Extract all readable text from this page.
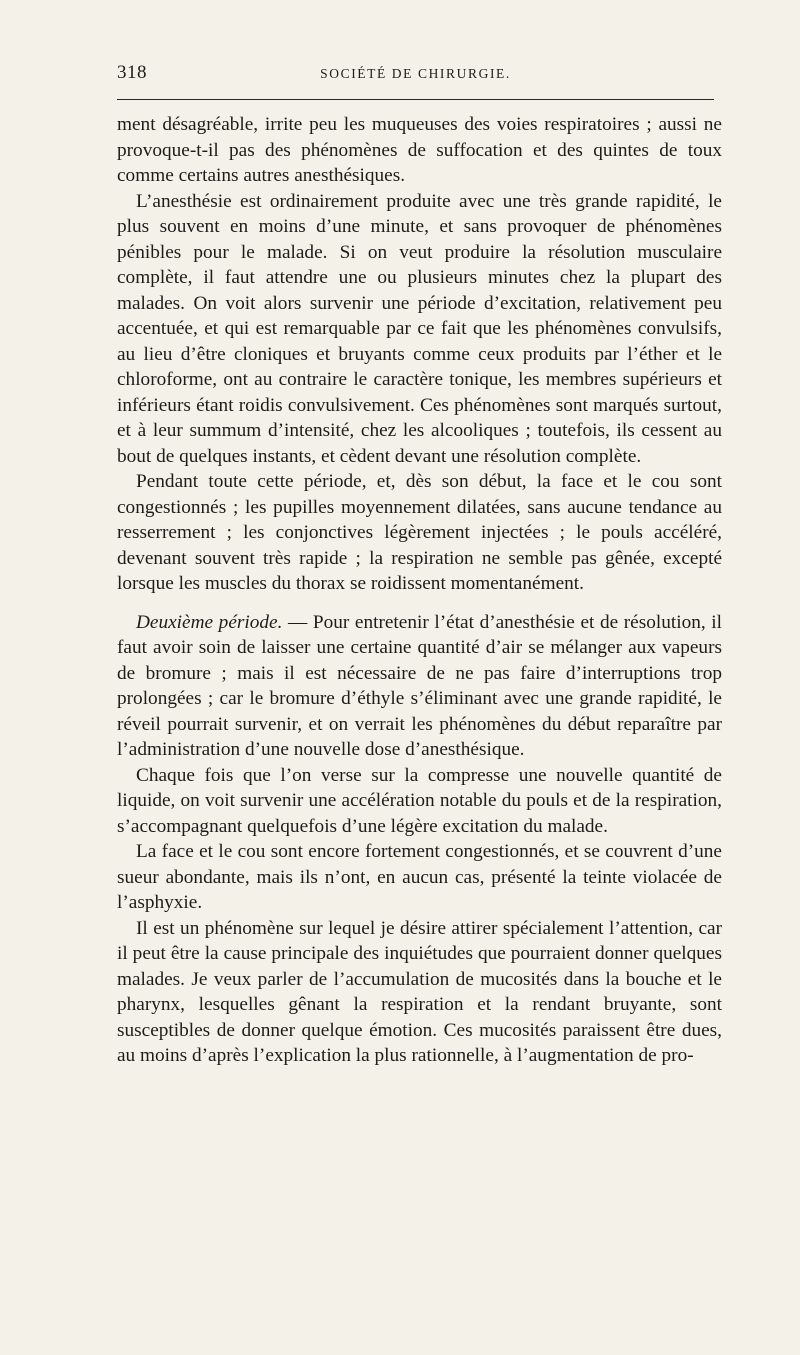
318	SOCIÉTÉ DE CHIRURGIE.

ment désagréable, irrite peu les muqueuses des voies respiratoires ; aussi ne provoque-t-il pas des phénomènes de suffocation et des quintes de toux comme certains autres anesthésiques.

L’anesthésie est ordinairement produite avec une très grande rapidité, le plus souvent en moins d’une minute, et sans provoquer de phénomènes pénibles pour le malade. Si on veut produire la résolution musculaire complète, il faut attendre une ou plusieurs minutes chez la plupart des malades. On voit alors survenir une période d’excitation, relativement peu accentuée, et qui est remarquable par ce fait que les phénomènes convulsifs, au lieu d’être cloniques et bruyants comme ceux produits par l’éther et le chloroforme, ont au contraire le caractère tonique, les membres supérieurs et inférieurs étant roidis convulsivement. Ces phénomènes sont marqués surtout, et à leur summum d’intensité, chez les alcooliques ; toutefois, ils cessent au bout de quelques instants, et cèdent devant une résolution complète.

Pendant toute cette période, et, dès son début, la face et le cou sont congestionnés ; les pupilles moyennement dilatées, sans aucune tendance au resserrement ; les conjonctives légèrement injectées ; le pouls accéléré, devenant souvent très rapide ; la respiration ne semble pas gênée, excepté lorsque les muscles du thorax se roidissent momentanément.

Deuxième période. — Pour entretenir l’état d’anesthésie et de résolution, il faut avoir soin de laisser une certaine quantité d’air se mélanger aux vapeurs de bromure ; mais il est nécessaire de ne pas faire d’interruptions trop prolongées ; car le bromure d’éthyle s’éliminant avec une grande rapidité, le réveil pourrait survenir, et on verrait les phénomènes du début reparaître par l’administration d’une nouvelle dose d’anesthésique.

Chaque fois que l’on verse sur la compresse une nouvelle quantité de liquide, on voit survenir une accélération notable du pouls et de la respiration, s’accompagnant quelquefois d’une légère excitation du malade.

La face et le cou sont encore fortement congestionnés, et se couvrent d’une sueur abondante, mais ils n’ont, en aucun cas, présenté la teinte violacée de l’asphyxie.

Il est un phénomène sur lequel je désire attirer spécialement l’attention, car il peut être la cause principale des inquiétudes que pourraient donner quelques malades. Je veux parler de l’accumulation de mucosités dans la bouche et le pharynx, lesquelles gênant la respiration et la rendant bruyante, sont susceptibles de donner quelque émotion. Ces mucosités paraissent être dues, au moins d’après l’explication la plus rationnelle, à l’augmentation de pro-
